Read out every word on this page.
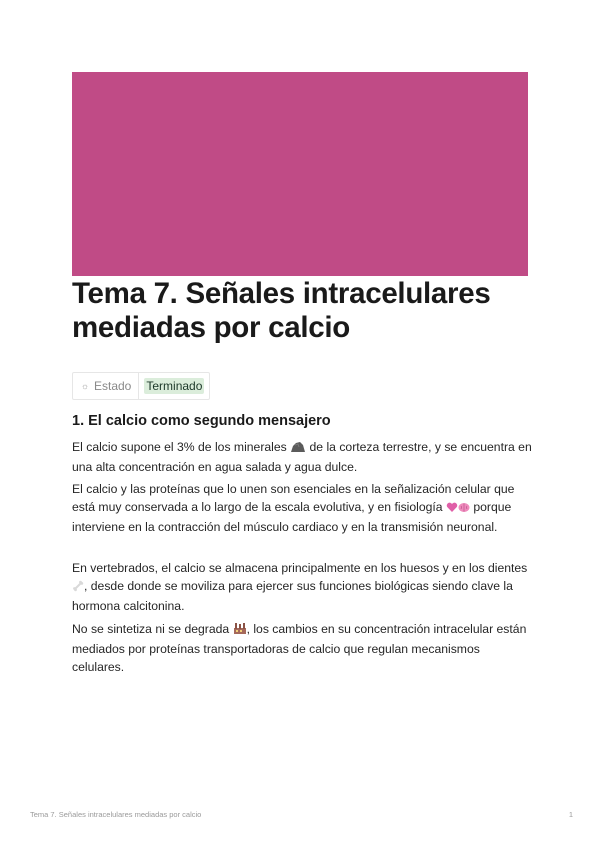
Tema 7. Señales intracelulares mediadas por calcio
☼ Estado Terminado
1. El calcio como segundo mensajero

El calcio supone el 3% de los minerales  de la corteza terrestre, y se encuentra en una alta concentración en agua salada y agua dulce.

El calcio y las proteínas que lo unen son esenciales en la señalización celular que está muy conservada a lo largo de la escala evolutiva, y en fisiología  porque interviene en la contracción del músculo cardiaco y en la transmisión neuronal.

En vertebrados, el calcio se almacena principalmente en los huesos y en los dientes , desde donde se moviliza para ejercer sus funciones biológicas siendo clave la hormona calcitonina.

No se sintetiza ni se degrada , los cambios en su concentración intracelular están mediados por proteínas transportadoras de calcio que regulan mecanismos celulares.

Tema 7. Señales intracelulares mediadas por calcio	1
